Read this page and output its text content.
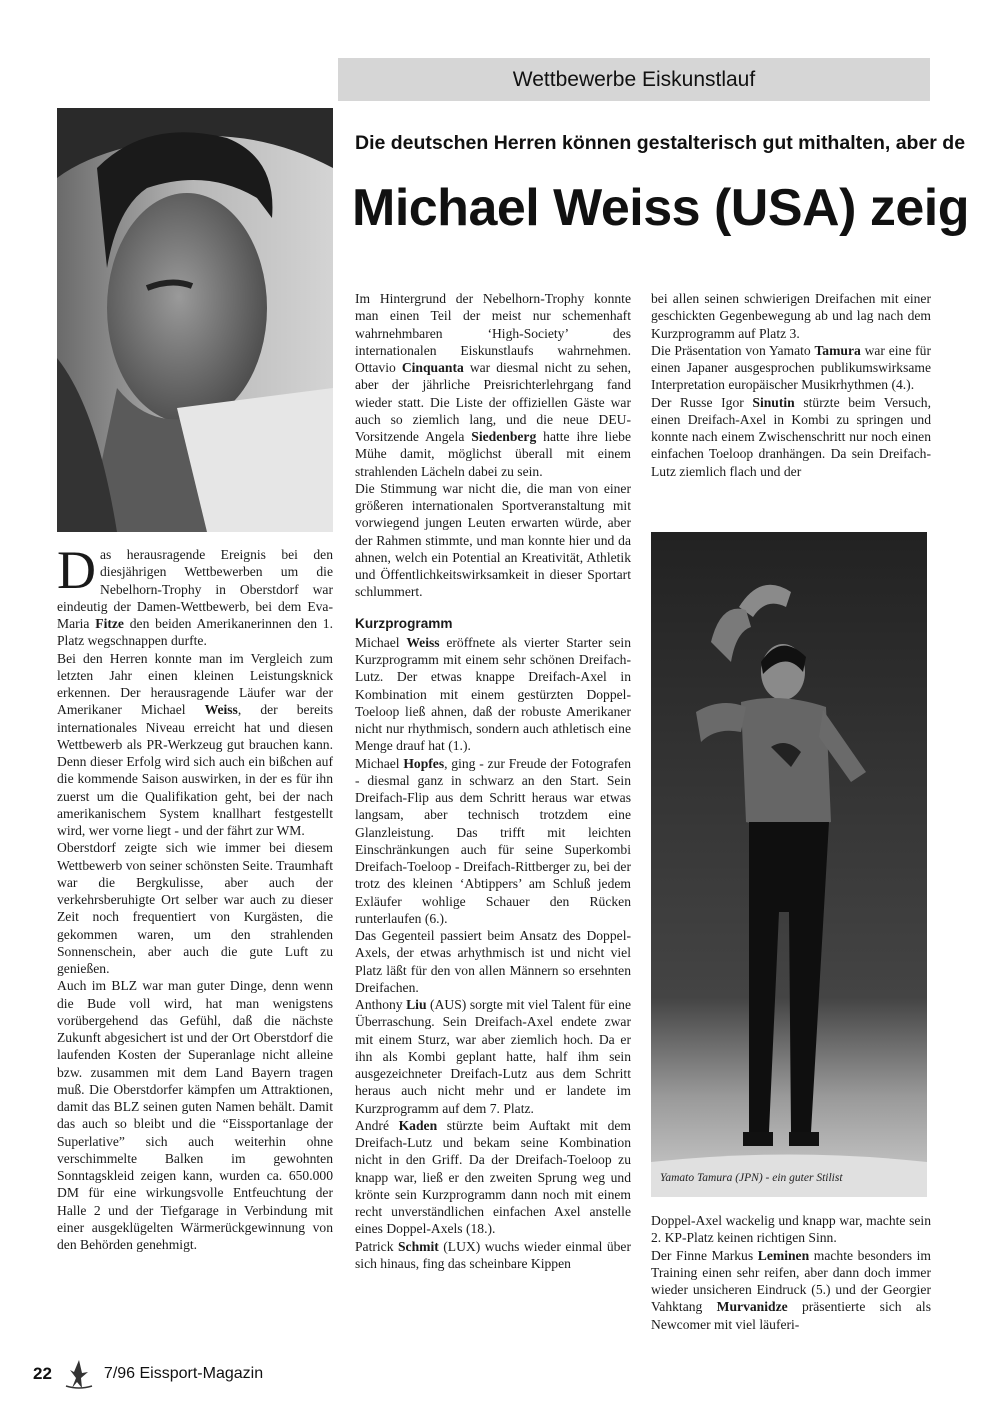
Wettbewerbe Eiskunstlauf
Die deutschen Herren können gestalterisch gut mithalten, aber de
Michael Weiss (USA) zeig

Das herausragende Ereignis bei den diesjährigen Wettbewerben um die Nebelhorn-Trophy in Oberstdorf war eindeutig der Damen-Wettbewerb, bei dem Eva-Maria Fitze den beiden Amerikanerinnen den 1. Platz wegschnappen durfte.

Bei den Herren konnte man im Vergleich zum letzten Jahr einen kleinen Leistungsknick erkennen. Der herausragende Läufer war der Amerikaner Michael Weiss, der bereits internationales Niveau erreicht hat und diesen Wettbewerb als PR-Werkzeug gut brauchen kann. Denn dieser Erfolg wird sich auch ein bißchen auf die kommende Saison auswirken, in der es für ihn zuerst um die Qualifikation geht, bei der nach amerikanischem System knallhart festgestellt wird, wer vorne liegt - und der fährt zur WM.

Oberstdorf zeigte sich wie immer bei diesem Wettbewerb von seiner schönsten Seite. Traumhaft war die Bergkulisse, aber auch der verkehrsberuhigte Ort selber war auch zu dieser Zeit noch frequentiert von Kurgästen, die gekommen waren, um den strahlenden Sonnenschein, aber auch die gute Luft zu genießen.

Auch im BLZ war man guter Dinge, denn wenn die Bude voll wird, hat man wenigstens vorübergehend das Gefühl, daß die nächste Zukunft abgesichert ist und der Ort Oberstdorf die laufenden Kosten der Superanlage nicht alleine bzw. zusammen mit dem Land Bayern tragen muß. Die Oberstdorfer kämpfen um Attraktionen, damit das BLZ seinen guten Namen behält. Damit das auch so bleibt und die “Eissportanlage der Superlative” sich auch weiterhin ohne verschimmelte Balken im gewohnten Sonntagskleid zeigen kann, wurden ca. 650.000 DM für eine wirkungsvolle Entfeuchtung der Halle 2 und der Tiefgarage in Verbindung mit einer ausgeklügelten Wärmerückgewinnung von den Behörden genehmigt.

Im Hintergrund der Nebelhorn-Trophy konnte man einen Teil der meist nur schemenhaft wahrnehmbaren ‘High-Society’ des internationalen Eiskunstlaufs wahrnehmen. Ottavio Cinquanta war diesmal nicht zu sehen, aber der jährliche Preisrichterlehrgang fand wieder statt. Die Liste der offiziellen Gäste war auch so ziemlich lang, und die neue DEU-Vorsitzende Angela Siedenberg hatte ihre liebe Mühe damit, möglichst überall mit einem strahlenden Lächeln dabei zu sein.

Die Stimmung war nicht die, die man von einer größeren internationalen Sportveranstaltung mit vorwiegend jungen Leuten erwarten würde, aber der Rahmen stimmte, und man konnte hier und da ahnen, welch ein Potential an Kreativität, Athletik und Öffentlichkeitswirksamkeit in dieser Sportart schlummert.

Kurzprogramm

Michael Weiss eröffnete als vierter Starter sein Kurzprogramm mit einem sehr schönen Dreifach-Lutz. Der etwas knappe Dreifach-Axel in Kombination mit einem gestürzten Doppel-Toeloop ließ ahnen, daß der robuste Amerikaner nicht nur rhythmisch, sondern auch athletisch eine Menge drauf hat (1.).

Michael Hopfes, ging - zur Freude der Fotografen - diesmal ganz in schwarz an den Start. Sein Dreifach-Flip aus dem Schritt heraus war etwas langsam, aber technisch trotzdem eine Glanzleistung. Das trifft mit leichten Einschränkungen auch für seine Superkombi Dreifach-Toeloop - Dreifach-Rittberger zu, bei der trotz des kleinen ‘Abtippers’ am Schluß jedem Exläufer wohlige Schauer den Rücken runterlaufen (6.).

Das Gegenteil passiert beim Ansatz des Doppel-Axels, der etwas arhythmisch ist und nicht viel Platz läßt für den von allen Männern so ersehnten Dreifachen.

Anthony Liu (AUS) sorgte mit viel Talent für eine Überraschung. Sein Dreifach-Axel endete zwar mit einem Sturz, war aber ziemlich hoch. Da er ihn als Kombi geplant hatte, half ihm sein ausgezeichneter Dreifach-Lutz aus dem Schritt heraus auch nicht mehr und er landete im Kurzprogramm auf dem 7. Platz.

André Kaden stürzte beim Auftakt mit dem Dreifach-Lutz und bekam seine Kombination nicht in den Griff. Da der Dreifach-Toeloop zu knapp war, ließ er den zweiten Sprung weg und krönte sein Kurzprogramm dann noch mit einem recht unverständlichen einfachen Axel anstelle eines Doppel-Axels (18.).

Patrick Schmit (LUX) wuchs wieder einmal über sich hinaus, fing das scheinbare Kippen

bei allen seinen schwierigen Dreifachen mit einer geschickten Gegenbewegung ab und lag nach dem Kurzprogramm auf Platz 3.

Die Präsentation von Yamato Tamura war eine für einen Japaner ausgesprochen publikumswirksame Interpretation europäischer Musikrhythmen (4.).

Der Russe Igor Sinutin stürzte beim Versuch, einen Dreifach-Axel in Kombi zu springen und konnte nach einem Zwischenschritt nur noch einen einfachen Toeloop dranhängen. Da sein Dreifach-Lutz ziemlich flach und der

Yamato Tamura (JPN) - ein guter Stilist

Doppel-Axel wackelig und knapp war, machte sein 2. KP-Platz keinen richtigen Sinn.

Der Finne Markus Leminen machte besonders im Training einen sehr reifen, aber dann doch immer wieder unsicheren Eindruck (5.) und der Georgier Vahktang Murvanidze präsentierte sich als Newcomer mit viel läuferi-

22	7/96 Eissport-Magazin
